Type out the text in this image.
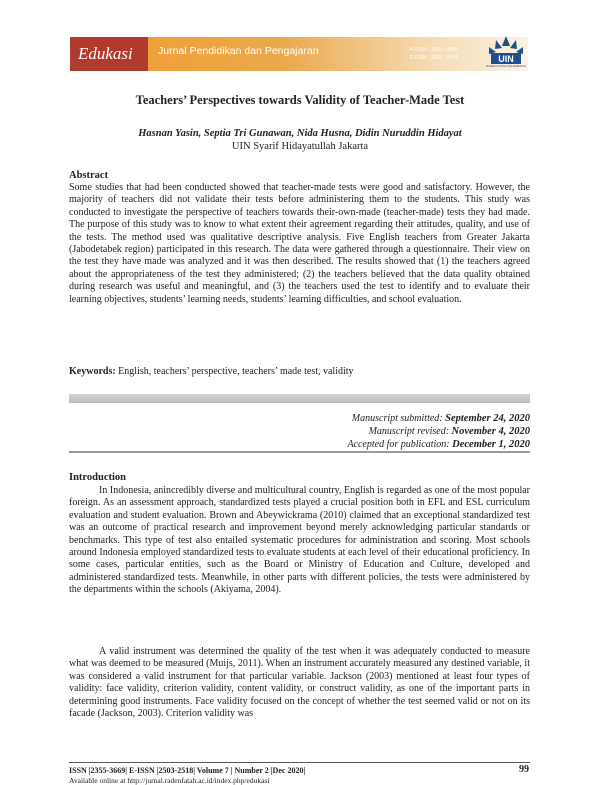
Edukasi Jurnal Pendidikan dan Pengajaran	P-ISSN : 2355 - 3669
E-ISSN : 2503 - 2518	UIN
RADEN FATAH PALEMBANG
Teachers’ Perspectives towards Validity of Teacher-Made Test
Hasnan Yasin, Septia Tri Gunawan, Nida Husna, Didin Nuruddin Hidayat
UIN Syarif Hidayatullah Jakarta
Abstract

Some studies that had been conducted showed that teacher-made tests were good and satisfactory. However, the majority of teachers did not validate their tests before administering them to the students. This study was conducted to investigate the perspective of teachers towards their-own-made (teacher-made) tests they had made. The purpose of this study was to know to what extent their agreement regarding their attitudes, quality, and use of the tests. The method used was qualitative descriptive analysis. Five English teachers from Greater Jakarta (Jabodetabek region) participated in this research. The data were gathered through a questionnaire. Their view on the test they have made was analyzed and it was then described. The results showed that (1) the teachers agreed about the appropriateness of the test they administered; (2) the teachers believed that the data quality obtained during research was useful and meaningful, and (3) the teachers used the test to identify and to evaluate their learning objectives, students’ learning needs, students’ learning difficulties, and school evaluation.

Keywords: English, teachers’ perspective, teachers’ made test, validity
Manuscript submitted: September 24, 2020
Manuscript revised: November 4, 2020
Accepted for publication: December 1, 2020
Introduction

In Indonesia, anincredibly diverse and multicultural country, English is regarded as one of the most popular foreign. As an assessment approach, standardized tests played a crucial position both in EFL and ESL curriculum evaluation and student evaluation. Brown and Abeywickrama (2010) claimed that an exceptional standardized test was an outcome of practical research and improvement beyond merely acknowledging particular standards or benchmarks. This type of test also entailed systematic procedures for administration and scoring. Most schools around Indonesia employed standardized tests to evaluate students at each level of their educational proficiency. In some cases, particular entities, such as the Board or Ministry of Education and Culture, developed and administered standardized tests. Meanwhile, in other parts with different policies, the tests were administered by the departments within the schools (Akiyama, 2004).

A valid instrument was determined the quality of the test when it was adequately conducted to measure what was deemed to be measured (Muijs, 2011). When an instrument accurately measured any destined variable, it was considered a valid instrument for that particular variable. Jackson (2003) mentioned at least four types of validity: face validity, criterion validity, content validity, or construct validity, as one of the important parts in determining good instruments. Face validity focused on the concept of whether the test seemed valid or not on its facade (Jackson, 2003). Criterion validity was

ISSN |2355-3669| E-ISSN |2503-2518| Volume 7 | Number 2 |Dec 2020|
Available online at http://jurnal.radenfatah.ac.id/index.php/edukasi
99
